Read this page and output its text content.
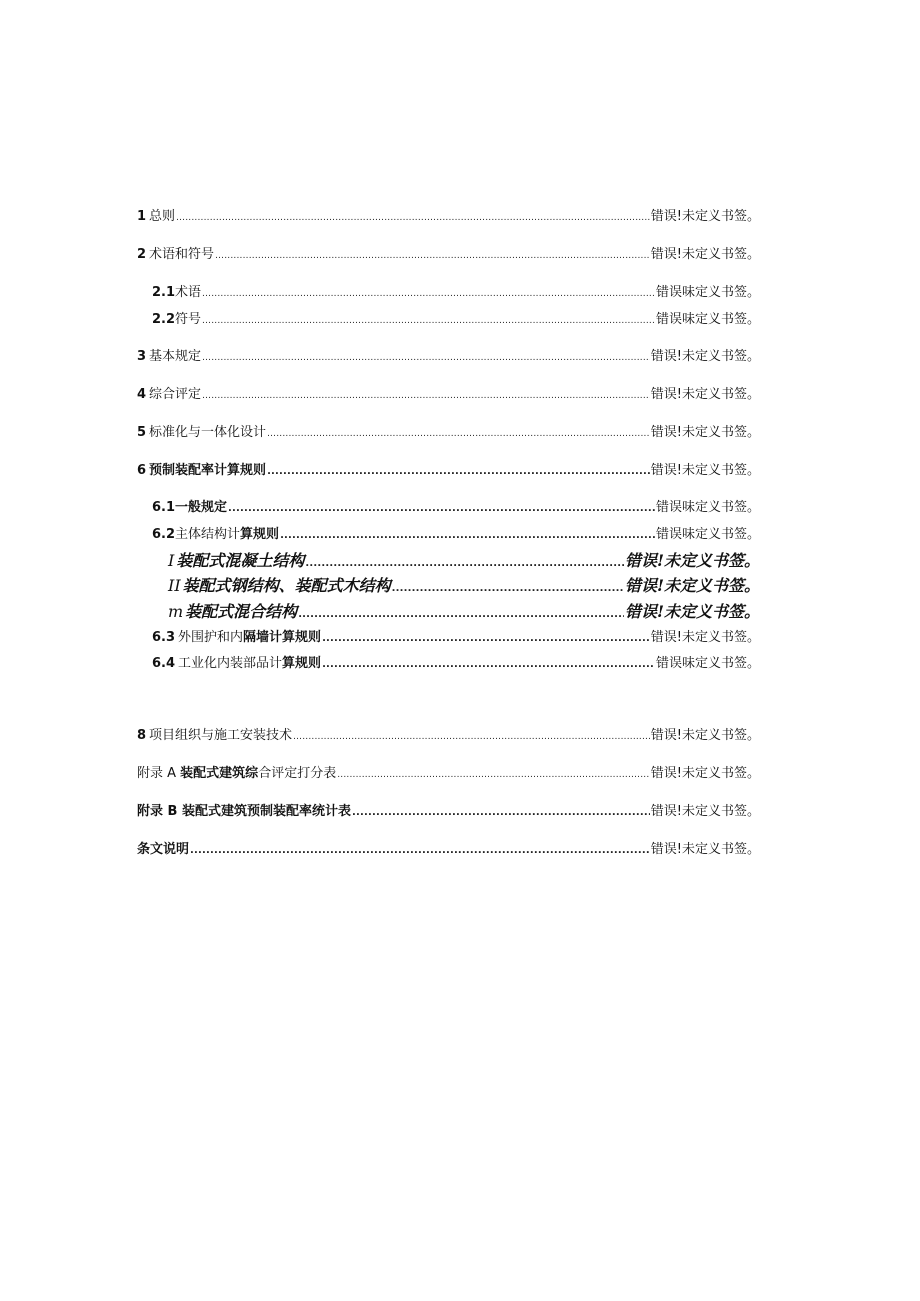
1 总则 .....	错误!未定义书签。
2 术语和符号 .....	错误!未定义书签。
2.1 术语 .....	错误味定义书签。
2.2 符号 .....	错误味定义书签。
3 基本规定 .....	错误!未定义书签。
4 综合评定 .....	错误!未定义书签。
5 标准化与一体化设计 .....	错误!未定义书签。
6 预制装配率计算规则 .....	错误!未定义书签。
6.1 一般规定 .....	错误味定义书签。
6.2 主体结构计 算规则 .....	错误味定义书签。
I 装配式混凝土结构 .....	错误!未定义书签。
II 装配式钢结构、装配式木结构 .....	错误!未定义书签。
m 装配式混合结构 .....	错误!未定义书签。
6.3 外围护和内 隔墙计算规则 .....	错误!未定义书签。
6.4 工业化内装部品计 算规则 .....	错误味定义书签。
8 项目组织与施工安装技术 .....	错误!未定义书签。
附录 A 装配式建筑综 合评定打分表 .....	错误!未定义书签。
附录 B 装配式建筑预制装配率统计表 .....	错误!未定义书签。
条文说明 .....	错误!未定义书签。
